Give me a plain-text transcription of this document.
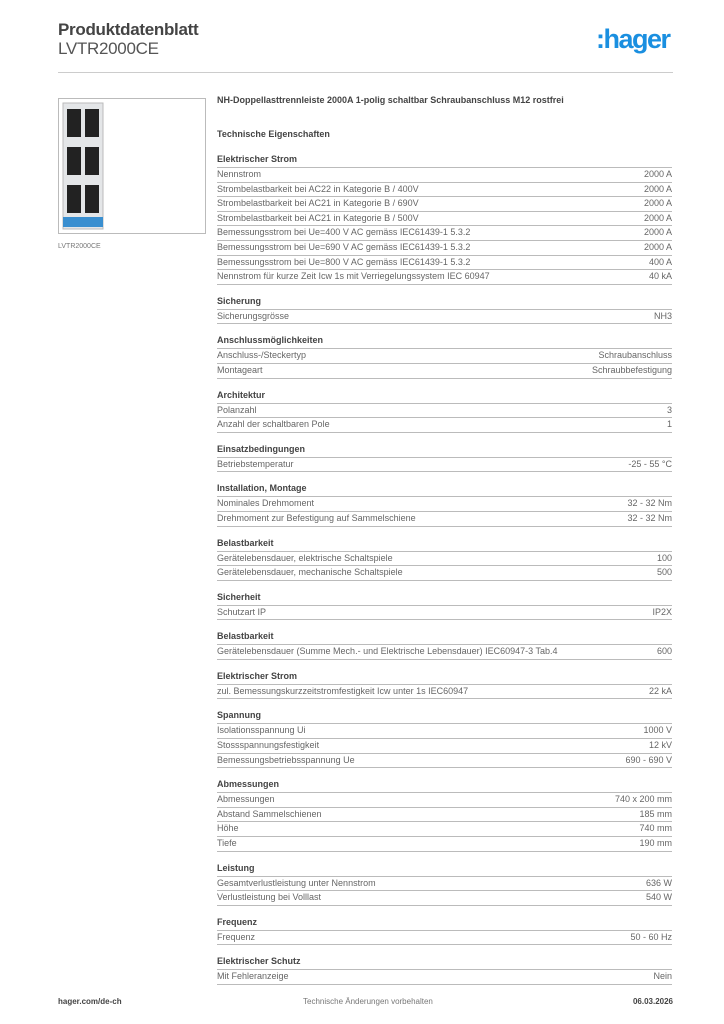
Produktdatenblatt
LVTR2000CE	:hager
LVTR2000CE
NH-Doppellasttrennleiste 2000A 1-polig schaltbar Schraubanschluss M12 rostfrei
Technische Eigenschaften
Elektrischer Strom
Nennstrom	2000 A
Strombelastbarkeit bei AC22 in Kategorie B / 400V	2000 A
Strombelastbarkeit bei AC21 in Kategorie B / 690V	2000 A
Strombelastbarkeit bei AC21 in Kategorie B / 500V	2000 A
Bemessungsstrom bei Ue=400 V AC gemäss IEC61439-1 5.3.2	2000 A
Bemessungsstrom bei Ue=690 V AC gemäss IEC61439-1 5.3.2	2000 A
Bemessungsstrom bei Ue=800 V AC gemäss IEC61439-1 5.3.2	400 A
Nennstrom für kurze Zeit Icw 1s mit Verriegelungssystem IEC 60947	40 kA
Sicherung
Sicherungsgrösse	NH3
Anschlussmöglichkeiten
Anschluss-/Steckertyp	Schraubanschluss
Montageart	Schraubbefestigung
Architektur
Polanzahl	3
Anzahl der schaltbaren Pole	1
Einsatzbedingungen
Betriebstemperatur	-25 - 55 °C
Installation, Montage
Nominales Drehmoment	32 - 32 Nm
Drehmoment zur Befestigung auf Sammelschiene	32 - 32 Nm
Belastbarkeit
Gerätelebensdauer, elektrische Schaltspiele	100
Gerätelebensdauer, mechanische Schaltspiele	500
Sicherheit
Schutzart IP	IP2X
Belastbarkeit
Gerätelebensdauer (Summe Mech.- und Elektrische Lebensdauer) IEC60947-3 Tab.4	600
Elektrischer Strom
zul. Bemessungskurzzeitstromfestigkeit Icw unter 1s IEC60947	22 kA
Spannung
Isolationsspannung Ui	1000 V
Stossspannungsfestigkeit	12 kV
Bemessungsbetriebsspannung Ue	690 - 690 V
Abmessungen
Abmessungen	740 x 200 mm
Abstand Sammelschienen	185 mm
Höhe	740 mm
Tiefe	190 mm
Leistung
Gesamtverlustleistung unter Nennstrom	636 W
Verlustleistung bei Volllast	540 W
Frequenz
Frequenz	50 - 60 Hz
Elektrischer Schutz
Mit Fehleranzeige	Nein
hager.com/de-ch	Technische Änderungen vorbehalten	06.03.2026
